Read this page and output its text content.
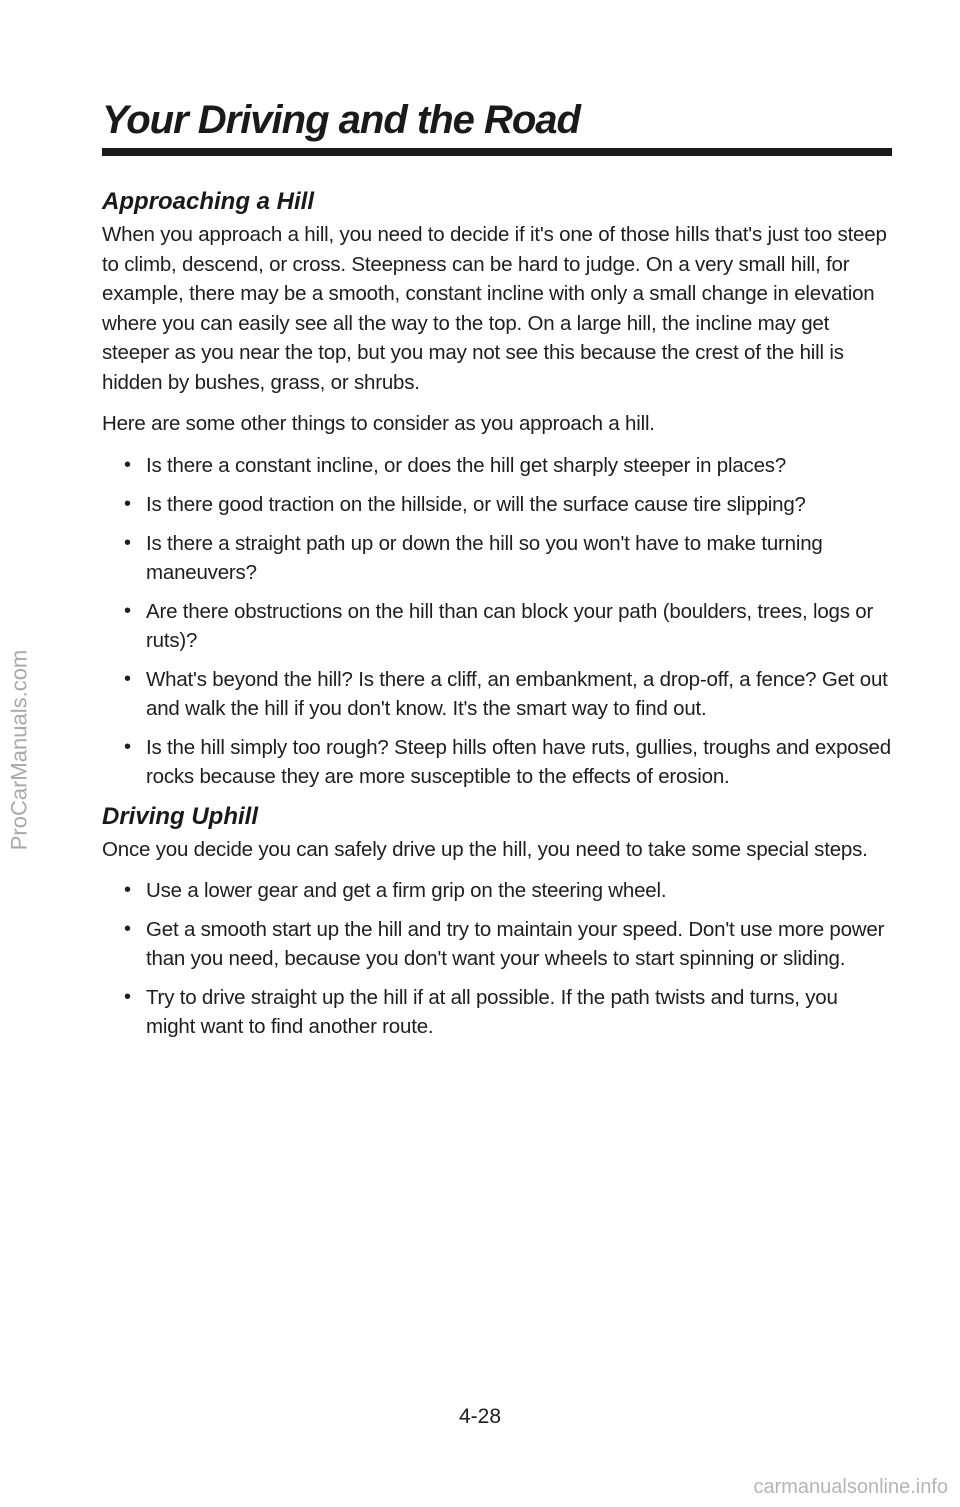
ProCarManuals.com
Your Driving and the Road
Approaching a Hill

When you approach a hill, you need to decide if it's one of those hills that's just too steep to climb, descend, or cross. Steepness can be hard to judge. On a very small hill, for example, there may be a smooth, constant incline with only a small change in elevation where you can easily see all the way to the top. On a large hill, the incline may get steeper as you near the top, but you may not see this because the crest of the hill is hidden by bushes, grass, or shrubs.

Here are some other things to consider as you approach a hill.

• Is there a constant incline, or does the hill get sharply steeper in places?
• Is there good traction on the hillside, or will the surface cause tire slipping?
• Is there a straight path up or down the hill so you won't have to make turning maneuvers?
• Are there obstructions on the hill than can block your path (boulders, trees, logs or ruts)?
• What's beyond the hill? Is there a cliff, an embankment, a drop-off, a fence? Get out and walk the hill if you don't know. It's the smart way to find out.
• Is the hill simply too rough? Steep hills often have ruts, gullies, troughs and exposed rocks because they are more susceptible to the effects of erosion.
Driving Uphill

Once you decide you can safely drive up the hill, you need to take some special steps.

• Use a lower gear and get a firm grip on the steering wheel.
• Get a smooth start up the hill and try to maintain your speed. Don't use more power than you need, because you don't want your wheels to start spinning or sliding.
• Try to drive straight up the hill if at all possible. If the path twists and turns, you might want to find another route.
4-28
carmanualsonline.info
